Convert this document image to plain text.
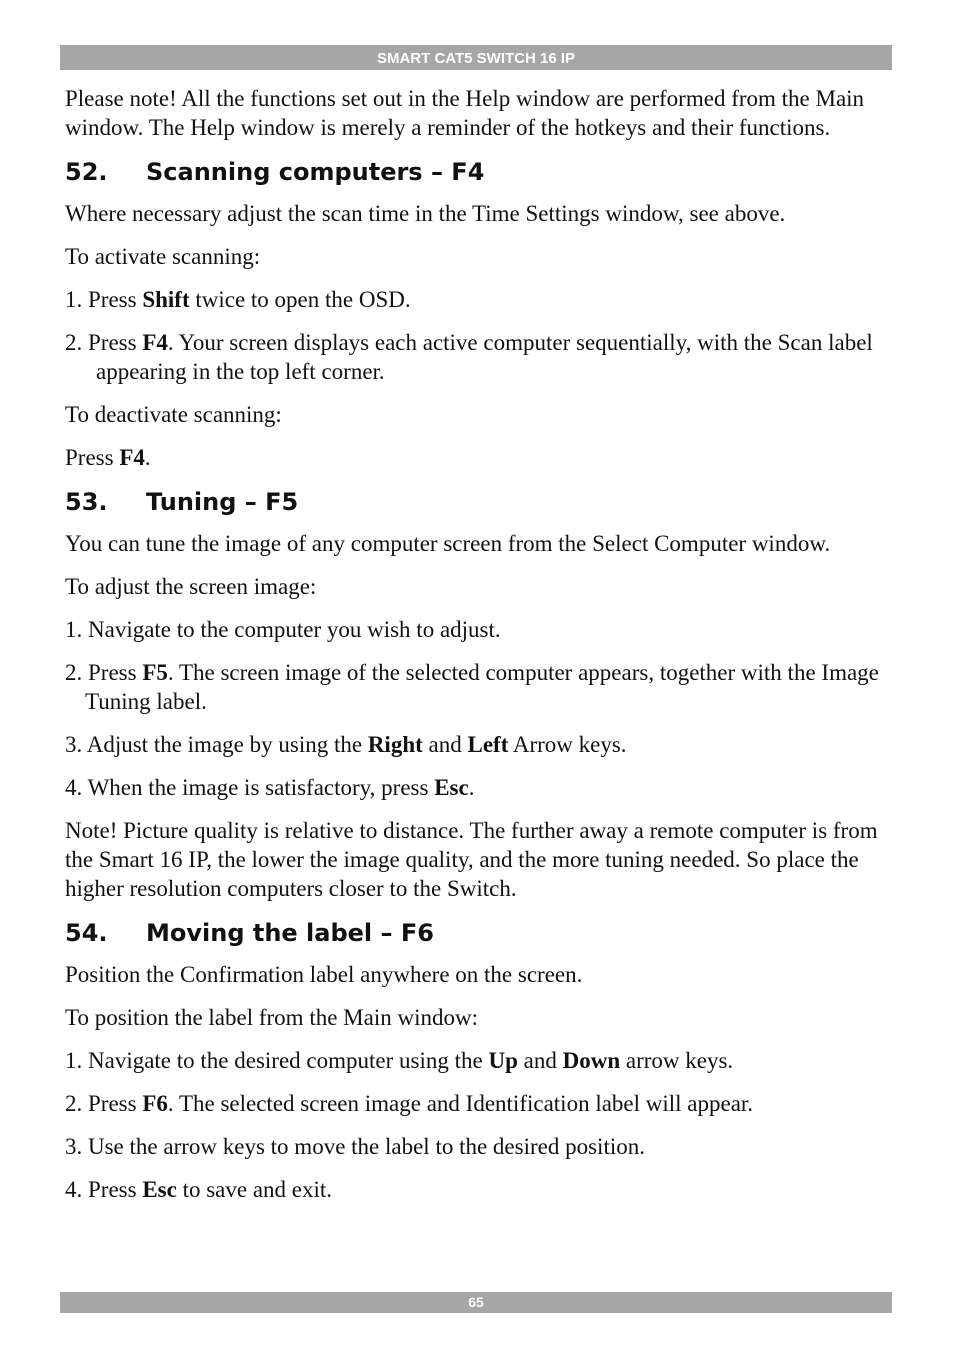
SMART CAT5 SWITCH 16 IP

Please note! All the functions set out in the Help window are performed from the Main window. The Help window is merely a reminder of the hotkeys and their functions.

52. Scanning computers – F4

Where necessary adjust the scan time in the Time Settings window, see above.

To activate scanning:

1. Press Shift twice to open the OSD.

2. Press F4. Your screen displays each active computer sequentially, with the Scan label appearing in the top left corner.

To deactivate scanning:

Press F4.

53. Tuning – F5

You can tune the image of any computer screen from the Select Computer window.

To adjust the screen image:

1. Navigate to the computer you wish to adjust.

2. Press F5. The screen image of the selected computer appears, together with the Image Tuning label.

3. Adjust the image by using the Right and Left Arrow keys.

4. When the image is satisfactory, press Esc.

Note! Picture quality is relative to distance. The further away a remote computer is from the Smart 16 IP, the lower the image quality, and the more tuning needed. So place the higher resolution computers closer to the Switch.

54. Moving the label – F6

Position the Confirmation label anywhere on the screen.

To position the label from the Main window:

1. Navigate to the desired computer using the Up and Down arrow keys.

2. Press F6. The selected screen image and Identification label will appear.

3. Use the arrow keys to move the label to the desired position.

4. Press Esc to save and exit.

65
